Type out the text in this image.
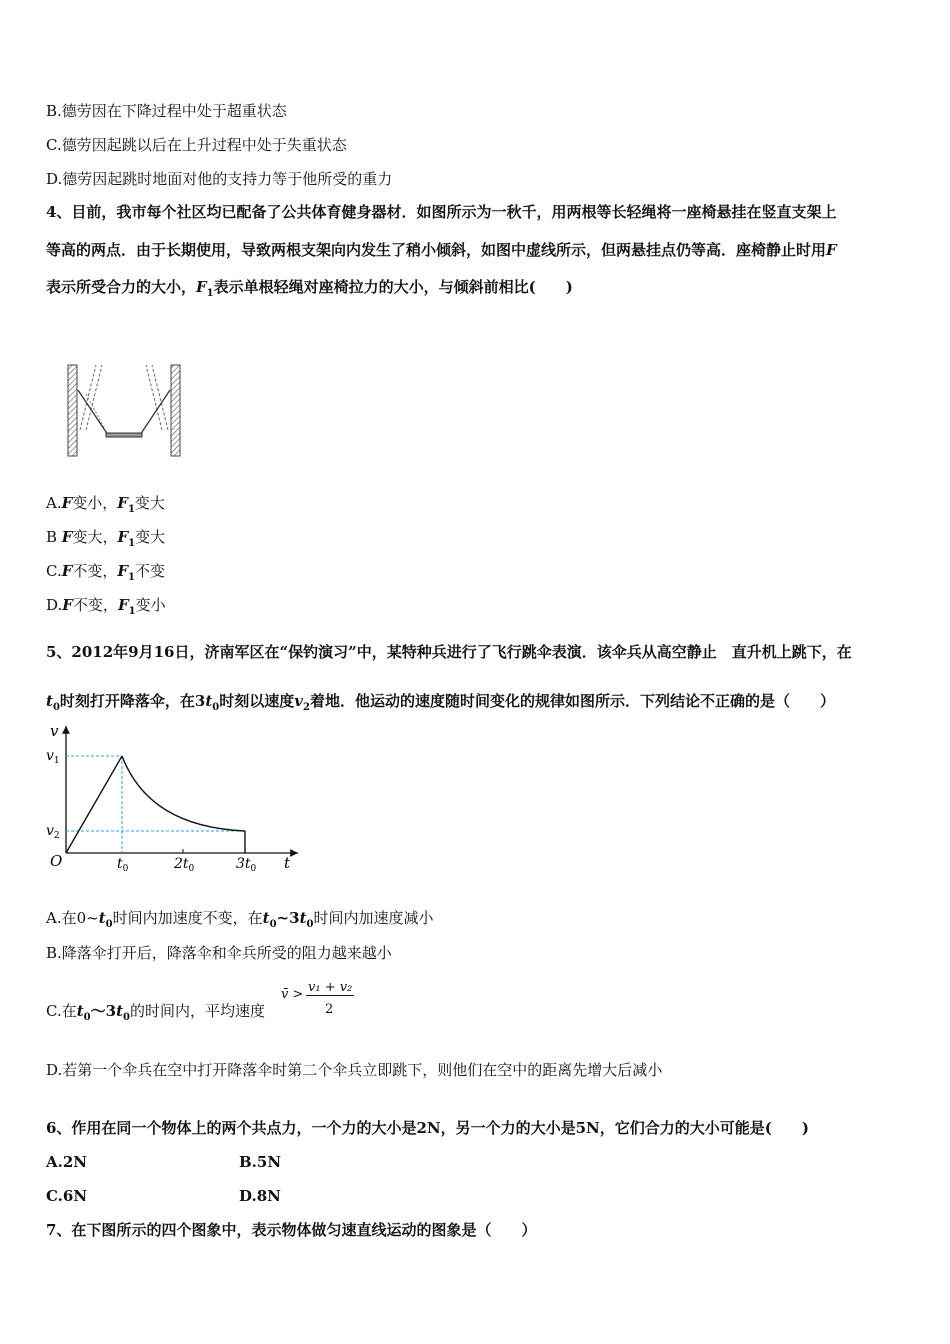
B.德劳因在下降过程中处于超重状态
C.德劳因起跳以后在上升过程中处于失重状态
D.德劳因起跳时地面对他的支持力等于他所受的重力
4、目前，我市每个社区均已配备了公共体育健身器材．如图所示为一秋千，用两根等长轻绳将一座椅悬挂在竖直支架上
等高的两点．由于长期使用，导致两根支架向内发生了稍小倾斜，如图中虚线所示，但两悬挂点仍等高．座椅静止时用F
表示所受合力的大小，$F_1$表示单根轻绳对座椅拉力的大小，与倾斜前相比(　　)
A.F变小，$F_1$变大
B F变大，$F_1$变大
C.F不变，$F_1$不变
D.F不变，$F_1$变小
5、2012年9月16日，济南军区在“保钓演习”中，某特种兵进行了飞行跳伞表演．该伞兵从高空静止　直升机上跳下，在
$t_0$时刻打开降落伞，在$3t_0$时刻以速度$v_2$着地．他运动的速度随时间变化的规律如图所示．下列结论不正确的是（　　）
v
t
O
$v_1$
$v_2$
$t_0$	$2t_0$	$3t_0$
A.在$0\sim t_0$时间内加速度不变，在$t_0\sim 3t_0$时间内加速度减小
B.降落伞打开后，降落伞和伞兵所受的阻力越来越小
C.在$t_0\sim 3t_0$的时间内，平均速度
v̄ > v₁ + v₂
2
D.若第一个伞兵在空中打开降落伞时第二个伞兵立即跳下，则他们在空中的距离先增大后减小
6、作用在同一个物体上的两个共点力，一个力的大小是2N，另一个力的大小是5N，它们合力的大小可能是(　　)
A.2N	B.5N
C.6N	D.8N
7、在下图所示的四个图象中，表示物体做匀速直线运动的图象是（　　）
